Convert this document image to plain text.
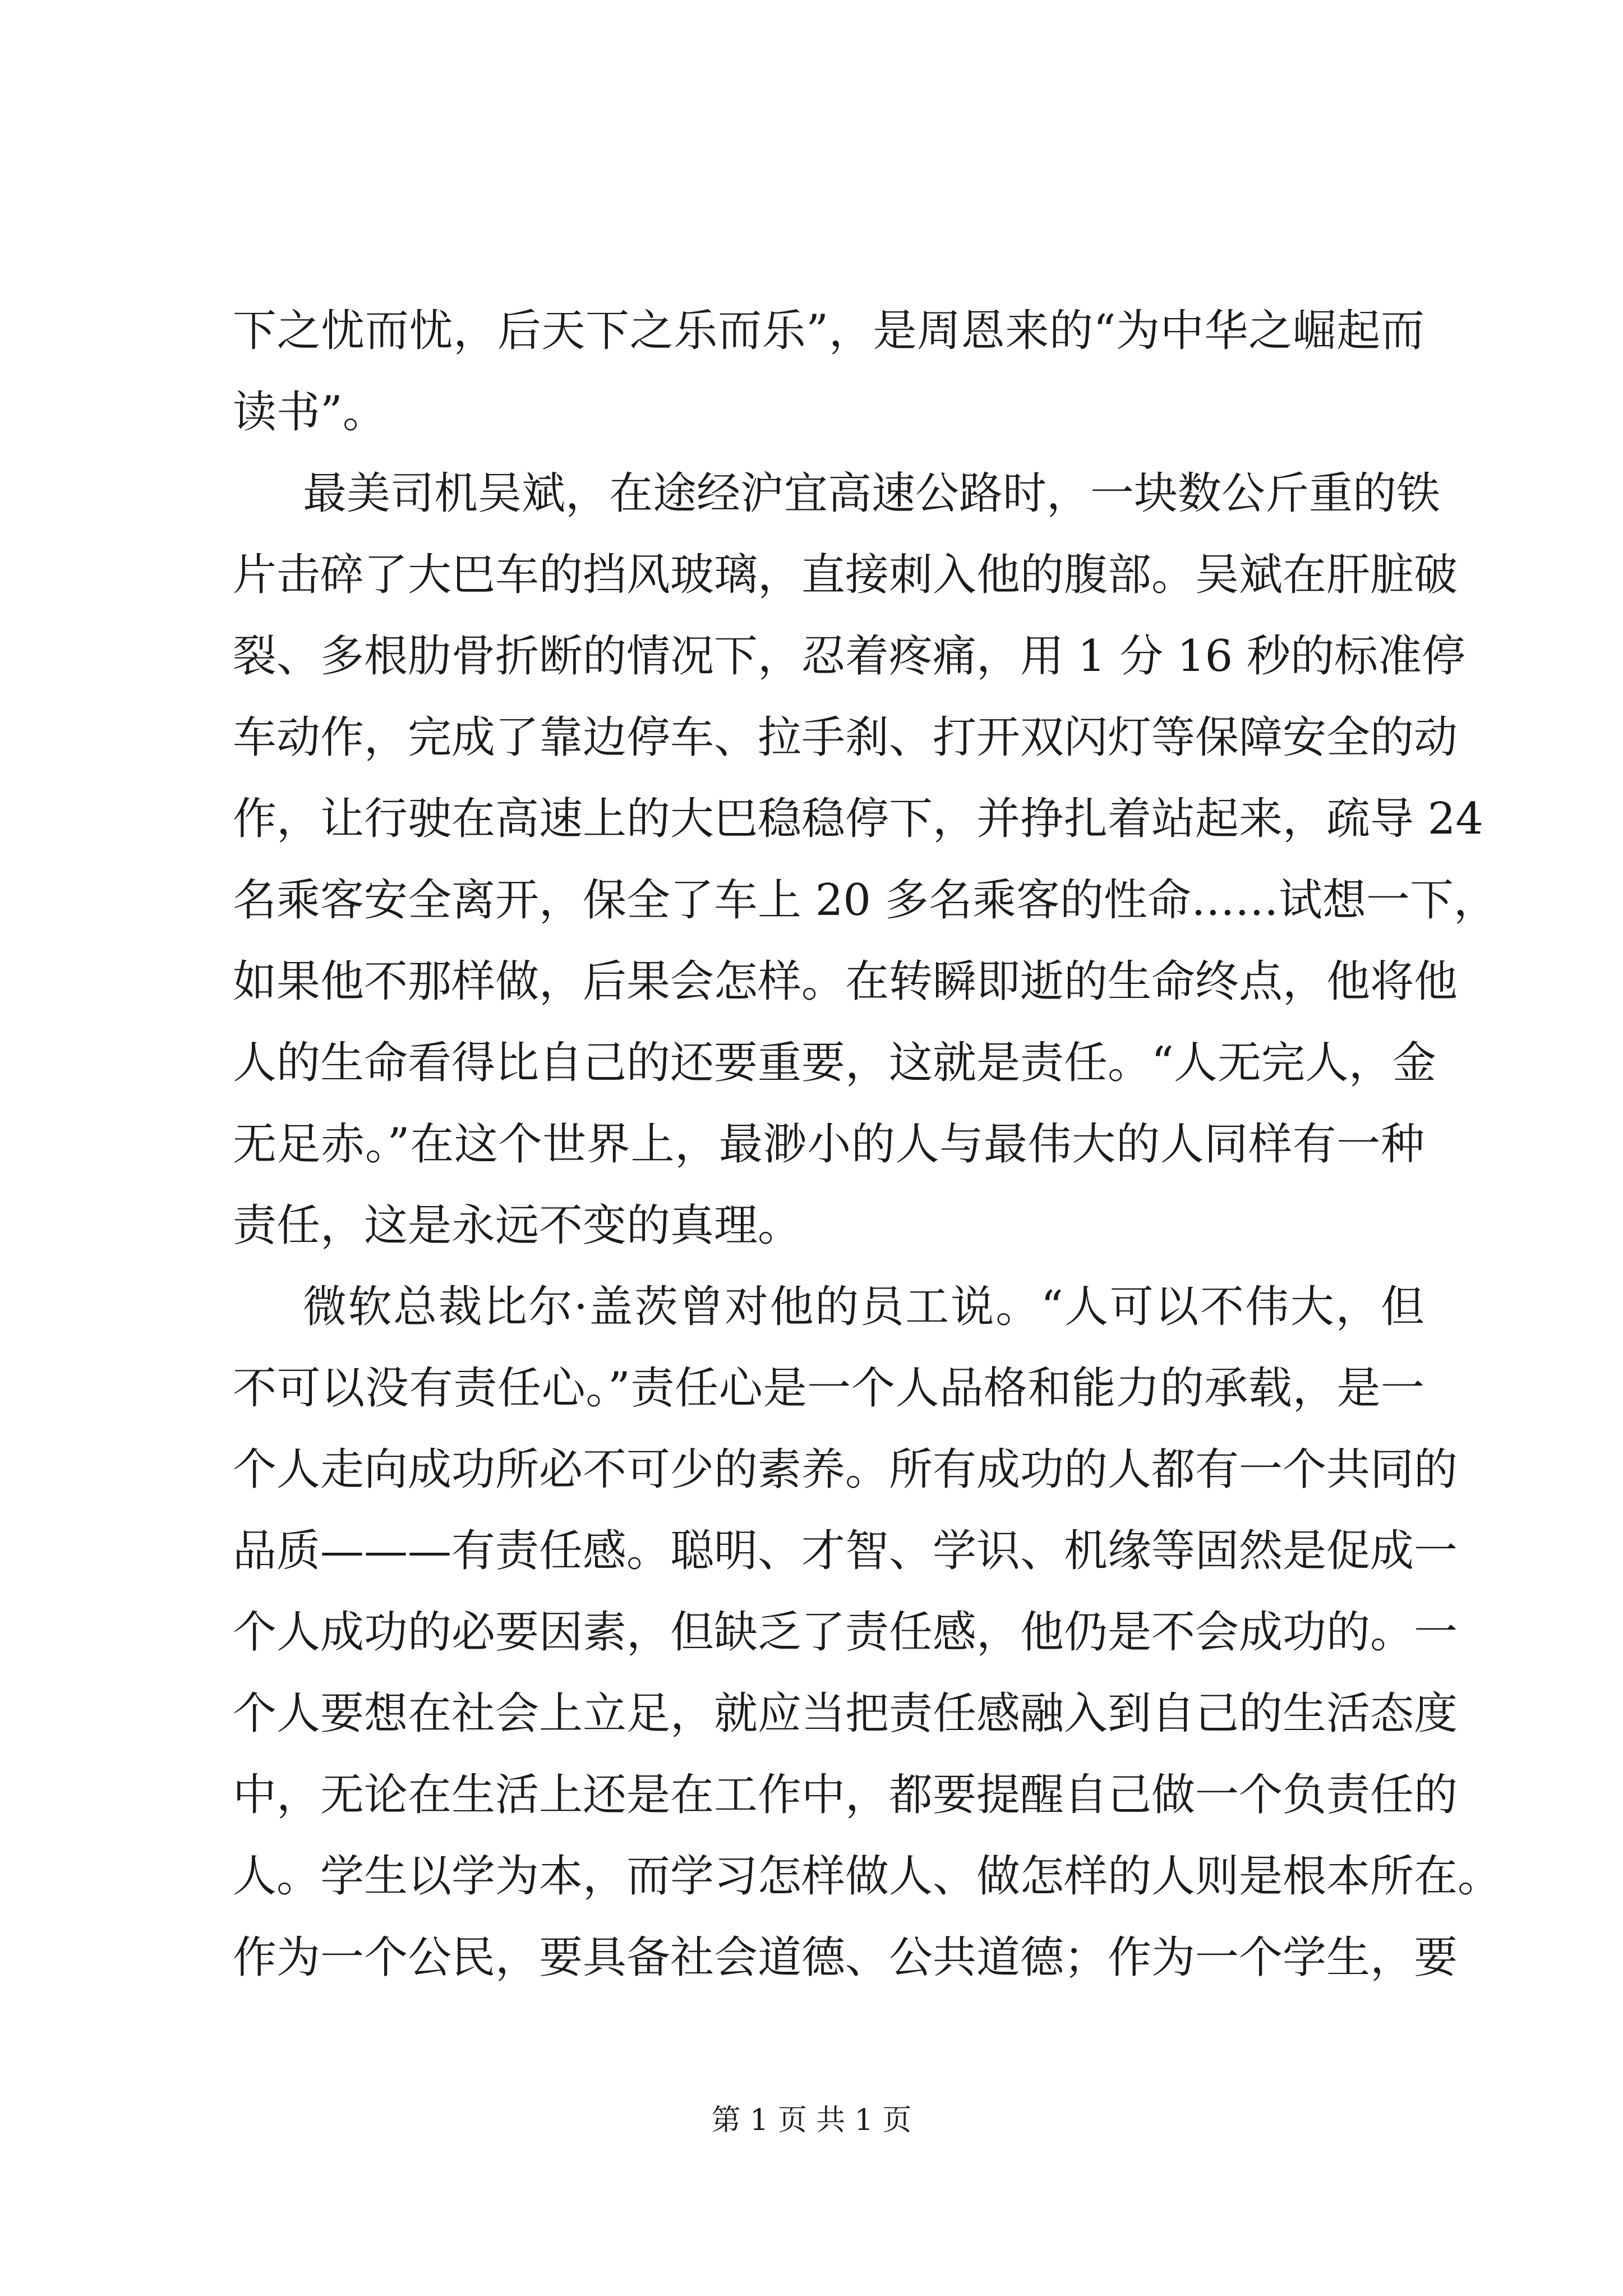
下之忧而忧，后天下之乐而乐”，是周恩来的“为中华之崛起而
读书”。
最美司机吴斌，在途经沪宜高速公路时，一块数公斤重的铁
片击碎了大巴车的挡风玻璃，直接刺入他的腹部。吴斌在肝脏破
裂、多根肋骨折断的情况下，忍着疼痛，用 1 分 16 秒的标准停
车动作，完成了靠边停车、拉手刹、打开双闪灯等保障安全的动
作，让行驶在高速上的大巴稳稳停下，并挣扎着站起来，疏导 24
名乘客安全离开，保全了车上 20 多名乘客的性命……试想一下，
如果他不那样做，后果会怎样。在转瞬即逝的生命终点，他将他
人的生命看得比自己的还要重要，这就是责任。“人无完人，金
无足赤。”在这个世界上，最渺小的人与最伟大的人同样有一种
责任，这是永远不变的真理。
微软总裁比尔·盖茨曾对他的员工说。“人可以不伟大，但
不可以没有责任心。”责任心是一个人品格和能力的承载，是一
个人走向成功所必不可少的素养。所有成功的人都有一个共同的
品质———有责任感。聪明、才智、学识、机缘等固然是促成一
个人成功的必要因素，但缺乏了责任感，他仍是不会成功的。一
个人要想在社会上立足，就应当把责任感融入到自己的生活态度
中，无论在生活上还是在工作中，都要提醒自己做一个负责任的
人。学生以学为本，而学习怎样做人、做怎样的人则是根本所在。
作为一个公民，要具备社会道德、公共道德；作为一个学生，要
第 1 页 共 1 页
